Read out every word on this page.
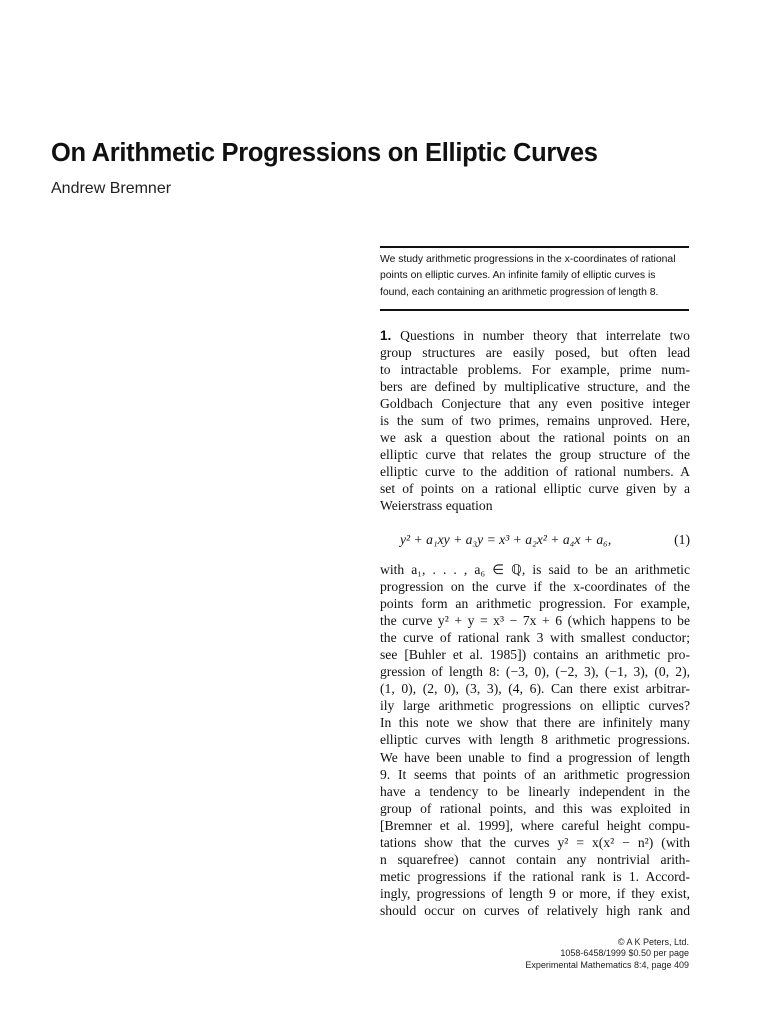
On Arithmetic Progressions on Elliptic Curves
Andrew Bremner
We study arithmetic progressions in the x-coordinates of rational
points on elliptic curves. An infinite family of elliptic curves is
found, each containing an arithmetic progression of length 8.
1. Questions in number theory that interrelate two
group structures are easily posed, but often lead
to intractable problems. For example, prime num-
bers are defined by multiplicative structure, and the
Goldbach Conjecture that any even positive integer
is the sum of two primes, remains unproved. Here,
we ask a question about the rational points on an
elliptic curve that relates the group structure of the
elliptic curve to the addition of rational numbers. A
set of points on a rational elliptic curve given by a
Weierstrass equation
y² + a₁xy + a₃y = x³ + a₂x² + a₄x + a₆,	(1)
with a₁, . . . , a₆ ∈ ℚ, is said to be an arithmetic
progression on the curve if the x-coordinates of the
points form an arithmetic progression. For example,
the curve y² + y = x³ − 7x + 6 (which happens to be
the curve of rational rank 3 with smallest conductor;
see [Buhler et al. 1985]) contains an arithmetic pro-
gression of length 8: (−3, 0), (−2, 3), (−1, 3), (0, 2),
(1, 0), (2, 0), (3, 3), (4, 6). Can there exist arbitrar-
ily large arithmetic progressions on elliptic curves?
In this note we show that there are infinitely many
elliptic curves with length 8 arithmetic progressions.
We have been unable to find a progression of length
9. It seems that points of an arithmetic progression
have a tendency to be linearly independent in the
group of rational points, and this was exploited in
[Bremner et al. 1999], where careful height compu-
tations show that the curves y² = x(x² − n²) (with
n squarefree) cannot contain any nontrivial arith-
metic progressions if the rational rank is 1. Accord-
ingly, progressions of length 9 or more, if they exist,
should occur on curves of relatively high rank and
© A K Peters, Ltd.
1058-6458/1999 $0.50 per page
Experimental Mathematics 8:4, page 409
